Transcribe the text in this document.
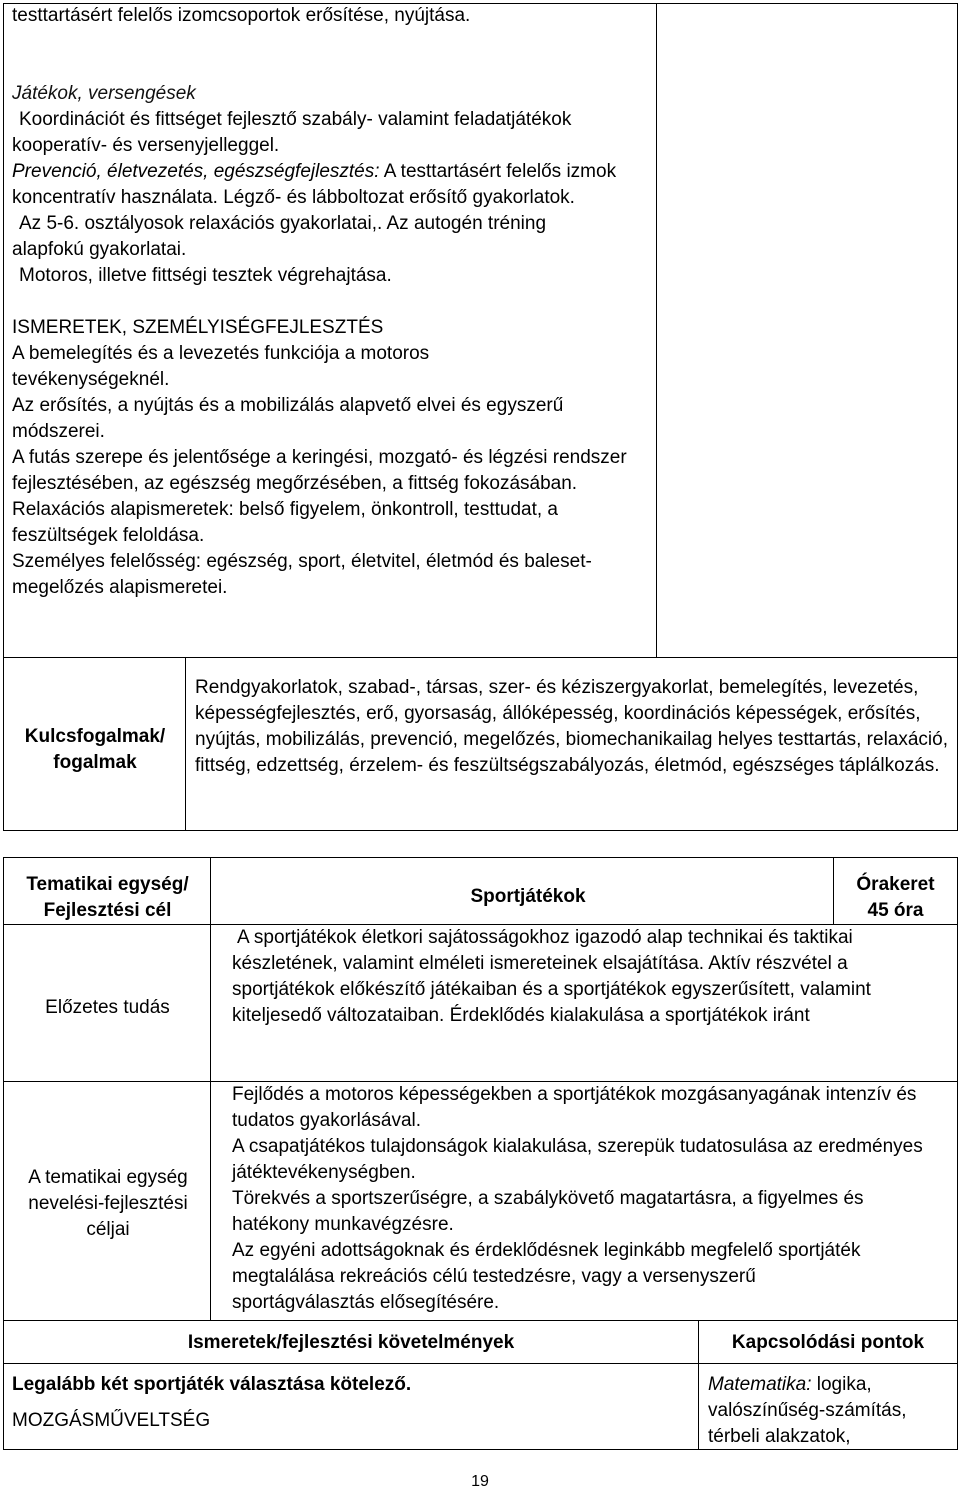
testtartásért felelős izomcsoportok erősítése, nyújtása.

Játékok, versengések

Koordinációt és fittséget fejlesztő szabály- valamint feladatjátékok kooperatív- és versenyjelleggel.

Prevenció, életvezetés, egészségfejlesztés: A testtartásért felelős izmok koncentratív használata. Légző- és lábboltozat erősítő gyakorlatok.

Az 5-6. osztályosok relaxációs gyakorlatai,. Az autogén tréning alapfokú gyakorlatai.

Motoros, illetve fittségi tesztek végrehajtása.

ISMERETEK, SZEMÉLYISÉGFEJLESZTÉS

A bemelegítés és a levezetés funkciója a motoros tevékenységeknél.

Az erősítés, a nyújtás és a mobilizálás alapvető elvei és egyszerű módszerei.

A futás szerepe és jelentősége a keringési, mozgató- és légzési rendszer fejlesztésében, az egészség megőrzésében, a fittség fokozásában.

Relaxációs alapismeretek: belső figyelem, önkontroll, testtudat, a feszültségek feloldása.

Személyes felelősség: egészség, sport, életvitel, életmód és baleset-megelőzés alapismeretei.

Kulcsfogalmak/ fogalmak
Rendgyakorlatok, szabad-, társas, szer- és kéziszergyakorlat, bemelegítés, levezetés, képességfejlesztés, erő, gyorsaság, állóképesség, koordinációs képességek, erősítés, nyújtás, mobilizálás, prevenció, megelőzés, biomechanikailag helyes testtartás, relaxáció, fittség, edzettség, érzelem- és feszültségszabályozás, életmód, egészséges táplálkozás.
Tematikai egység/ Fejlesztési cél
Sportjátékok
Órakeret
45 óra
Előzetes tudás
A sportjátékok életkori sajátosságokhoz igazodó alap technikai és taktikai készletének, valamint elméleti ismereteinek elsajátítása. Aktív részvétel a sportjátékok előkészítő játékaiban és a sportjátékok egyszerűsített, valamint kiteljesedő változataiban. Érdeklődés kialakulása a sportjátékok iránt
A tematikai egység nevelési-fejlesztési céljai

Fejlődés a motoros képességekben a sportjátékok mozgásanyagának intenzív és tudatos gyakorlásával.

A csapatjátékos tulajdonságok kialakulása, szerepük tudatosulása az eredményes játéktevékenységben.

Törekvés a sportszerűségre, a szabálykövető magatartásra, a figyelmes és hatékony munkavégzésre.

Az egyéni adottságoknak és érdeklődésnek leginkább megfelelő sportjáték megtalálása rekreációs célú testedzésre, vagy a versenyszerű sportágválasztás elősegítésére.

Ismeretek/fejlesztési követelmények	Kapcsolódási pontok

Legalább két sportjáték választása kötelező.

MOZGÁSMŰVELTSÉG

Matematika: logika, valószínűség-számítás, térbeli alakzatok,
19
